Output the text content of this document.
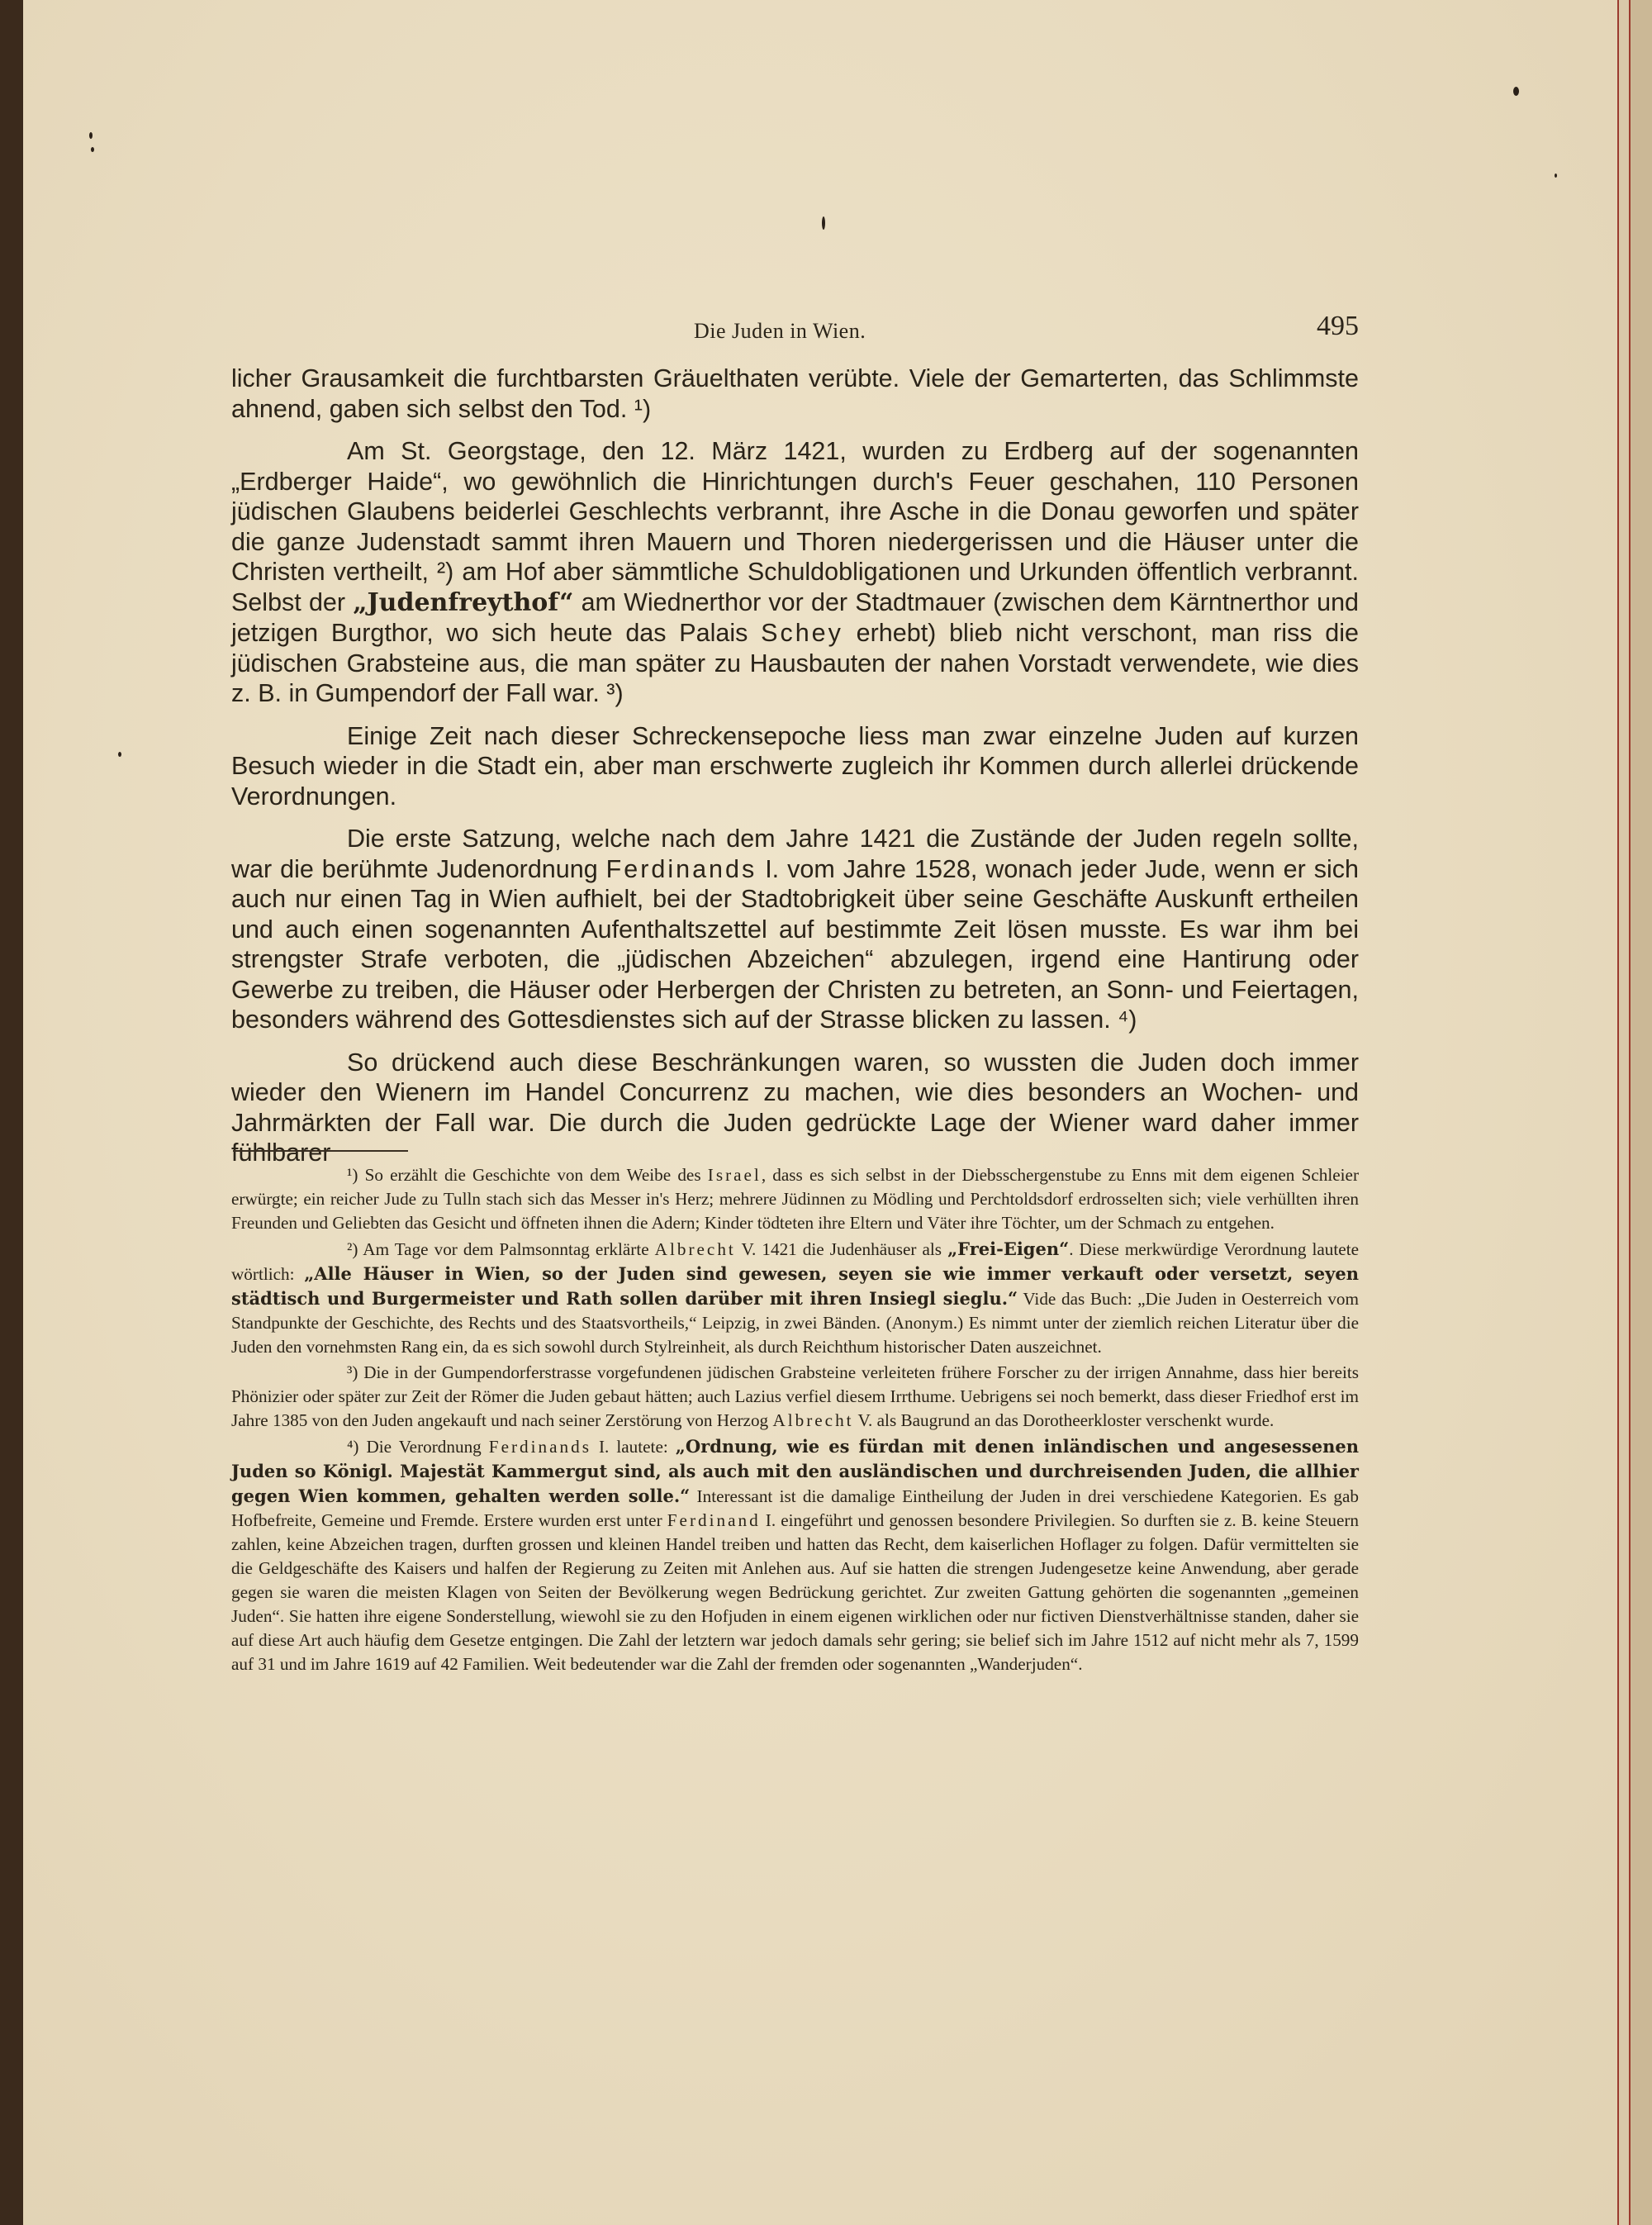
Die Juden in Wien.	495

licher Grausamkeit die furchtbarsten Gräuelthaten verübte. Viele der Gemarterten, das Schlimmste ahnend, gaben sich selbst den Tod. ¹)

Am St. Georgstage, den 12. März 1421, wurden zu Erdberg auf der sogenannten „Erdberger Haide“, wo gewöhnlich die Hinrichtungen durch's Feuer geschahen, 110 Personen jüdischen Glaubens beiderlei Geschlechts verbrannt, ihre Asche in die Donau geworfen und später die ganze Judenstadt sammt ihren Mauern und Thoren niedergerissen und die Häuser unter die Christen vertheilt, ²) am Hof aber sämmtliche Schuldobligationen und Urkunden öffentlich verbrannt. Selbst der „Judenfreythof“ am Wiednerthor vor der Stadtmauer (zwischen dem Kärntnerthor und jetzigen Burgthor, wo sich heute das Palais Schey erhebt) blieb nicht verschont, man riss die jüdischen Grabsteine aus, die man später zu Hausbauten der nahen Vorstadt verwendete, wie dies z. B. in Gumpendorf der Fall war. ³)

Einige Zeit nach dieser Schreckensepoche liess man zwar einzelne Juden auf kurzen Besuch wieder in die Stadt ein, aber man erschwerte zugleich ihr Kommen durch allerlei drückende Verordnungen.

Die erste Satzung, welche nach dem Jahre 1421 die Zustände der Juden regeln sollte, war die berühmte Judenordnung Ferdinands I. vom Jahre 1528, wonach jeder Jude, wenn er sich auch nur einen Tag in Wien aufhielt, bei der Stadtobrigkeit über seine Geschäfte Auskunft ertheilen und auch einen sogenannten Aufenthaltszettel auf bestimmte Zeit lösen musste. Es war ihm bei strengster Strafe verboten, die „jüdischen Abzeichen“ abzulegen, irgend eine Hantirung oder Gewerbe zu treiben, die Häuser oder Herbergen der Christen zu betreten, an Sonn- und Feiertagen, besonders während des Gottesdienstes sich auf der Strasse blicken zu lassen. ⁴)

So drückend auch diese Beschränkungen waren, so wussten die Juden doch immer wieder den Wienern im Handel Concurrenz zu machen, wie dies besonders an Wochen- und Jahrmärkten der Fall war. Die durch die Juden gedrückte Lage der Wiener ward daher immer fühlbarer

¹) So erzählt die Geschichte von dem Weibe des Israel, dass es sich selbst in der Diebsschergenstube zu Enns mit dem eigenen Schleier erwürgte; ein reicher Jude zu Tulln stach sich das Messer in's Herz; mehrere Jüdinnen zu Mödling und Perchtoldsdorf erdrosselten sich; viele verhüllten ihren Freunden und Geliebten das Gesicht und öffneten ihnen die Adern; Kinder tödteten ihre Eltern und Väter ihre Töchter, um der Schmach zu entgehen.

²) Am Tage vor dem Palmsonntag erklärte Albrecht V. 1421 die Judenhäuser als „Frei-Eigen“. Diese merkwürdige Verordnung lautete wörtlich: „Alle Häuser in Wien, so der Juden sind gewesen, seyen sie wie immer verkauft oder versetzt, seyen städtisch und Burgermeister und Rath sollen darüber mit ihren Insiegl sieglu.“ Vide das Buch: „Die Juden in Oesterreich vom Standpunkte der Geschichte, des Rechts und des Staatsvortheils,“ Leipzig, in zwei Bänden. (Anonym.) Es nimmt unter der ziemlich reichen Literatur über die Juden den vornehmsten Rang ein, da es sich sowohl durch Stylreinheit, als durch Reichthum historischer Daten auszeichnet.

³) Die in der Gumpendorferstrasse vorgefundenen jüdischen Grabsteine verleiteten frühere Forscher zu der irrigen Annahme, dass hier bereits Phönizier oder später zur Zeit der Römer die Juden gebaut hätten; auch Lazius verfiel diesem Irrthume. Uebrigens sei noch bemerkt, dass dieser Friedhof erst im Jahre 1385 von den Juden angekauft und nach seiner Zerstörung von Herzog Albrecht V. als Baugrund an das Dorotheerkloster verschenkt wurde.

⁴) Die Verordnung Ferdinands I. lautete: „Ordnung, wie es fürdan mit denen inländischen und angesessenen Juden so Königl. Majestät Kammergut sind, als auch mit den ausländischen und durchreisenden Juden, die allhier gegen Wien kommen, gehalten werden solle.“ Interessant ist die damalige Eintheilung der Juden in drei verschiedene Kategorien. Es gab Hofbefreite, Gemeine und Fremde. Erstere wurden erst unter Ferdinand I. eingeführt und genossen besondere Privilegien. So durften sie z. B. keine Steuern zahlen, keine Abzeichen tragen, durften grossen und kleinen Handel treiben und hatten das Recht, dem kaiserlichen Hoflager zu folgen. Dafür vermittelten sie die Geldgeschäfte des Kaisers und halfen der Regierung zu Zeiten mit Anlehen aus. Auf sie hatten die strengen Judengesetze keine Anwendung, aber gerade gegen sie waren die meisten Klagen von Seiten der Bevölkerung wegen Bedrückung gerichtet. Zur zweiten Gattung gehörten die sogenannten „gemeinen Juden“. Sie hatten ihre eigene Sonderstellung, wiewohl sie zu den Hofjuden in einem eigenen wirklichen oder nur fictiven Dienstverhältnisse standen, daher sie auf diese Art auch häufig dem Gesetze entgingen. Die Zahl der letztern war jedoch damals sehr gering; sie belief sich im Jahre 1512 auf nicht mehr als 7, 1599 auf 31 und im Jahre 1619 auf 42 Familien. Weit bedeutender war die Zahl der fremden oder sogenannten „Wanderjuden“.
